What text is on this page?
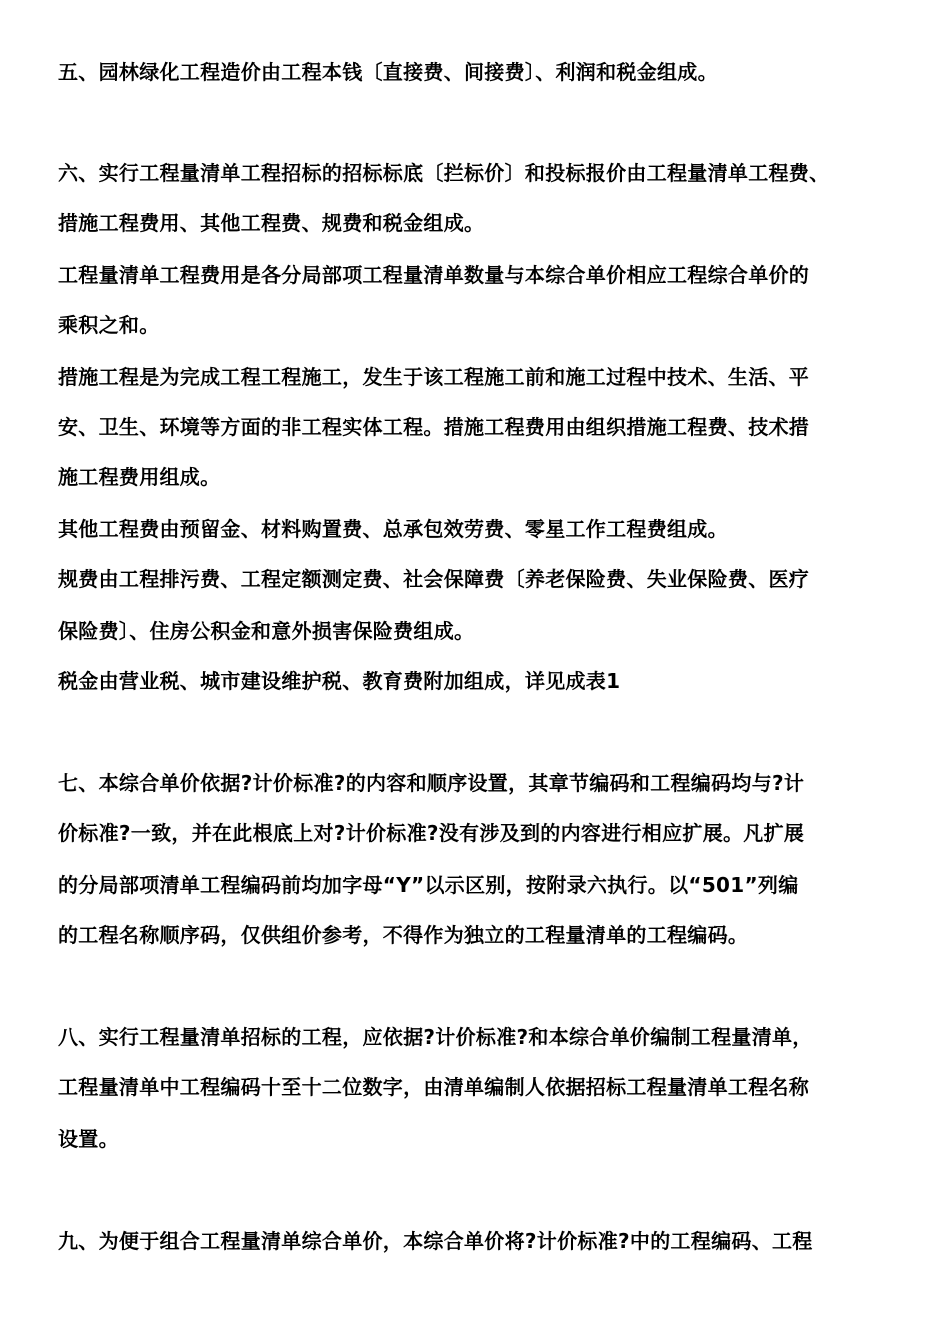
五、园林绿化工程造价由工程本钱〔直接费、间接费〕、利润和税金组成。
六、实行工程量清单工程招标的招标标底〔拦标价〕和投标报价由工程量清单工程费、
措施工程费用、其他工程费、规费和税金组成。
工程量清单工程费用是各分局部项工程量清单数量与本综合单价相应工程综合单价的
乘积之和。
措施工程是为完成工程工程施工，发生于该工程施工前和施工过程中技术、生活、平
安、卫生、环境等方面的非工程实体工程。措施工程费用由组织措施工程费、技术措
施工程费用组成。
其他工程费由预留金、材料购置费、总承包效劳费、零星工作工程费组成。
规费由工程排污费、工程定额测定费、社会保障费〔养老保险费、失业保险费、医疗
保险费〕、住房公积金和意外损害保险费组成。
税金由营业税、城市建设维护税、教育费附加组成，详见成表1
七、本综合单价依据?计价标准?的内容和顺序设置，其章节编码和工程编码均与?计
价标准?一致，并在此根底上对?计价标准?没有涉及到的内容进行相应扩展。凡扩展
的分局部项清单工程编码前均加字母“Y”以示区别，按附录六执行。以“501”列编
的工程名称顺序码，仅供组价参考，不得作为独立的工程量清单的工程编码。
八、实行工程量清单招标的工程，应依据?计价标准?和本综合单价编制工程量清单，
工程量清单中工程编码十至十二位数字，由清单编制人依据招标工程量清单工程名称
设置。
九、为便于组合工程量清单综合单价，本综合单价将?计价标准?中的工程编码、工程
